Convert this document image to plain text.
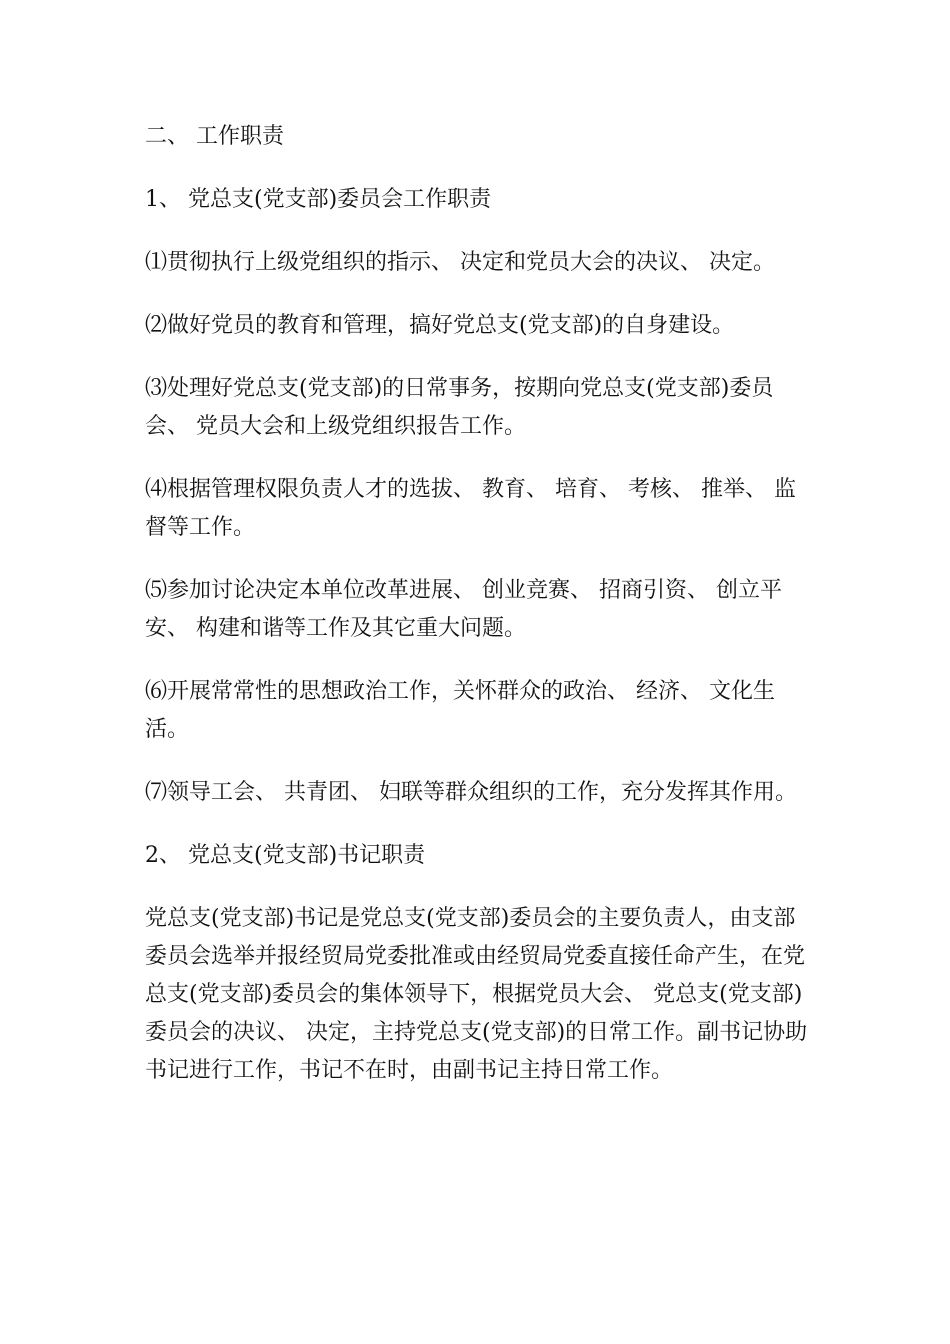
二、 工作职责

1、 党总支(党支部)委员会工作职责

⑴贯彻执行上级党组织的指示、 决定和党员大会的决议、 决定。

⑵做好党员的教育和管理，搞好党总支(党支部)的自身建设。

⑶处理好党总支(党支部)的日常事务，按期向党总支(党支部)委员会、 党员大会和上级党组织报告工作。

⑷根据管理权限负责人才的选拔、 教育、 培育、 考核、 推举、 监督等工作。

⑸参加讨论决定本单位改革进展、 创业竞赛、 招商引资、 创立平安、 构建和谐等工作及其它重大问题。

⑹开展常常性的思想政治工作，关怀群众的政治、 经济、 文化生活。

⑺领导工会、 共青团、 妇联等群众组织的工作，充分发挥其作用。

2、 党总支(党支部)书记职责

党总支(党支部)书记是党总支(党支部)委员会的主要负责人，由支部委员会选举并报经贸局党委批准或由经贸局党委直接任命产生，在党总支(党支部)委员会的集体领导下，根据党员大会、 党总支(党支部)委员会的决议、 决定，主持党总支(党支部)的日常工作。副书记协助书记进行工作，书记不在时，由副书记主持日常工作。
